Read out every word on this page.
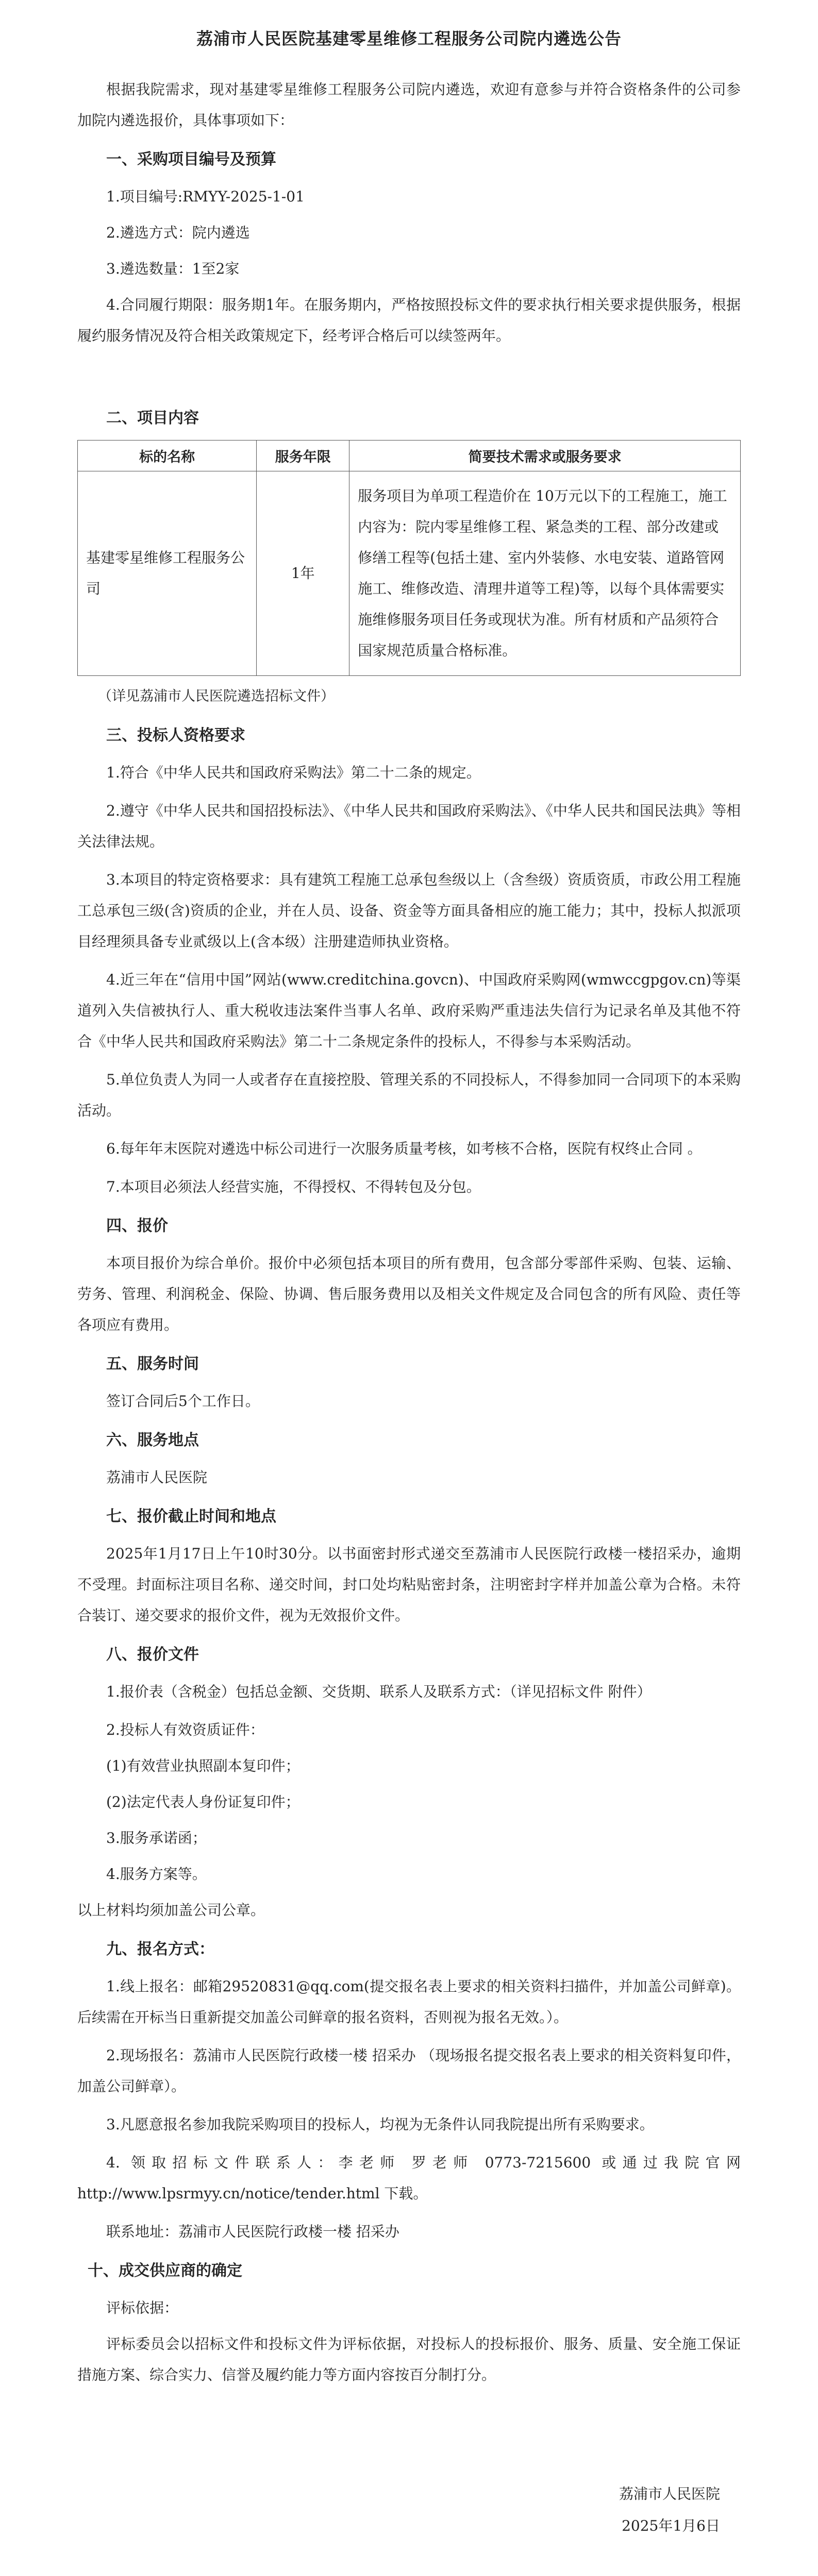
荔浦市人民医院基建零星维修工程服务公司院内遴选公告

根据我院需求，现对基建零星维修工程服务公司院内遴选，欢迎有意参与并符合资格条件的公司参加院内遴选报价，具体事项如下：

一、采购项目编号及预算

1.项目编号:RMYY-2025-1-01

2.遴选方式：院内遴选

3.遴选数量：1至2家

4.合同履行期限：服务期1年。在服务期内，严格按照投标文件的要求执行相关要求提供服务，根据履约服务情况及符合相关政策规定下，经考评合格后可以续签两年。

二、项目内容

标的名称	服务年限	简要技术需求或服务要求
基建零星维修工程服务公司	1年	服务项目为单项工程造价在 10万元以下的工程施工，施工内容为：院内零星维修工程、紧急类的工程、部分改建或修缮工程等(包括土建、室内外装修、水电安装、道路管网施工、维修改造、清理井道等工程)等，以每个具体需要实施维修服务项目任务或现状为准。所有材质和产品须符合国家规范质量合格标准。

（详见荔浦市人民医院遴选招标文件）

三、投标人资格要求

1.符合《中华人民共和国政府采购法》第二十二条的规定。

2.遵守《中华人民共和国招投标法》、《中华人民共和国政府采购法》、《中华人民共和国民法典》等相关法律法规。

3.本项目的特定资格要求：具有建筑工程施工总承包叁级以上（含叁级）资质资质，市政公用工程施工总承包三级(含)资质的企业，并在人员、设备、资金等方面具备相应的施工能力；其中，投标人拟派项目经理须具备专业贰级以上(含本级）注册建造师执业资格。

4.近三年在“信用中国”网站(www.creditchina.govcn)、中国政府采购网(wmwccgpgov.cn)等渠道列入失信被执行人、重大税收违法案件当事人名单、政府采购严重违法失信行为记录名单及其他不符合《中华人民共和国政府采购法》第二十二条规定条件的投标人，不得参与本采购活动。

5.单位负责人为同一人或者存在直接控股、管理关系的不同投标人，不得参加同一合同项下的本采购活动。

6.每年年末医院对遴选中标公司进行一次服务质量考核，如考核不合格，医院有权终止合同 。

7.本项目必须法人经营实施，不得授权、不得转包及分包。

四、报价

本项目报价为综合单价。报价中必须包括本项目的所有费用，包含部分零部件采购、包装、运输、劳务、管理、利润税金、保险、协调、售后服务费用以及相关文件规定及合同包含的所有风险、责任等各项应有费用。

五、服务时间

签订合同后5个工作日。

六、服务地点

荔浦市人民医院

七、报价截止时间和地点

2025年1月17日上午10时30分。以书面密封形式递交至荔浦市人民医院行政楼一楼招采办，逾期不受理。封面标注项目名称、递交时间，封口处均粘贴密封条，注明密封字样并加盖公章为合格。未符合装订、递交要求的报价文件，视为无效报价文件。

八、报价文件

1.报价表（含税金）包括总金额、交货期、联系人及联系方式：（详见招标文件 附件）

2.投标人有效资质证件：

(1)有效营业执照副本复印件；

(2)法定代表人身份证复印件；

3.服务承诺函；

4.服务方案等。

以上材料均须加盖公司公章。

九、报名方式：

1.线上报名：邮箱29520831@qq.com(提交报名表上要求的相关资料扫描件，并加盖公司鲜章)。后续需在开标当日重新提交加盖公司鲜章的报名资料，否则视为报名无效。）。

2.现场报名：荔浦市人民医院行政楼一楼 招采办 （现场报名提交报名表上要求的相关资料复印件，加盖公司鲜章）。

3.凡愿意报名参加我院采购项目的投标人，均视为无条件认同我院提出所有采购要求。

4. 领取招标文件联系人：李老师 罗老师 0773-7215600 或通过我院官网http://www.lpsrmyy.cn/notice/tender.html 下载。

联系地址：荔浦市人民医院行政楼一楼 招采办

十、成交供应商的确定

评标依据：

评标委员会以招标文件和投标文件为评标依据，对投标人的投标报价、服务、质量、安全施工保证措施方案、综合实力、信誉及履约能力等方面内容按百分制打分。

荔浦市人民医院

2025年1月6日
